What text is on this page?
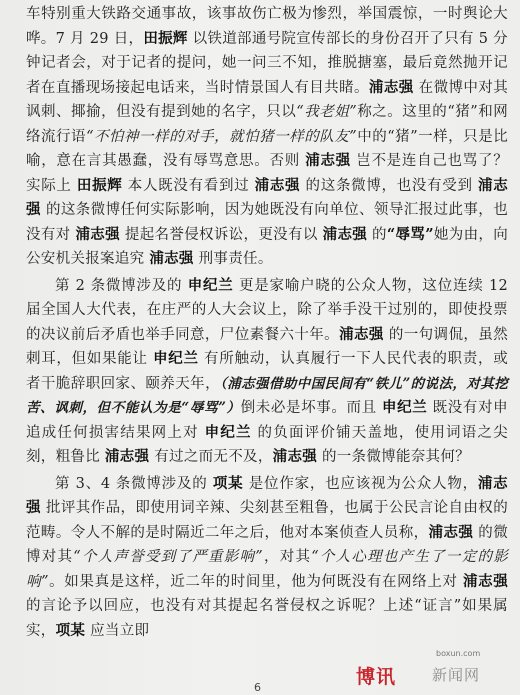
车特别重大铁路交通事故，该事故伤亡极为惨烈，举国震惊，一时舆论大哗。7 月 29 日，田振辉 以铁道部通号院宣传部长的身份召开了只有 5 分钟记者会，对于记者的提问，她一问三不知，推脱搪塞，最后竟然抛开记者在直播现场接起电话来，当时情景国人有目共睹。浦志强 在微博中对其讽刺、揶揄，但没有提到她的名字，只以“我老姐”称之。这里的“猪”和网络流行语“不怕神一样的对手，就怕猪一样的队友”中的“猪”一样，只是比喻，意在言其愚蠢，没有辱骂意思。否则 浦志强 岂不是连自己也骂了？实际上 田振辉 本人既没有看到过 浦志强 的这条微博，也没有受到 浦志强 的这条微博任何实际影响，因为她既没有向单位、领导汇报过此事，也没有对 浦志强 提起名誉侵权诉讼，更没有以 浦志强 的“辱骂”她为由，向公安机关报案追究 浦志强 刑事责任。

第 2 条微博涉及的 申纪兰 更是家喻户晓的公众人物，这位连续 12 届全国人大代表，在庄严的人大会议上，除了举手没干过别的，即使投票的决议前后矛盾也举手同意，尸位素餐六十年。浦志强 的一句调侃，虽然刺耳，但如果能让 申纪兰 有所触动，认真履行一下人民代表的职责，或者干脆辞职回家、颐养天年，（浦志强借助中国民间有“铁儿”的说法，对其挖苦、讽刺，但不能认为是“辱骂”）倒未必是坏事。而且 申纪兰 既没有对申追成任何损害结果网上对 申纪兰 的负面评价铺天盖地，使用词语之尖刻，粗鲁比 浦志强 有过之而无不及，浦志强 的一条微博能奈其何？

第 3、4 条微博涉及的 项某 是位作家，也应该视为公众人物，浦志强 批评其作品，即使用词辛辣、尖刻甚至粗鲁，也属于公民言论自由权的范畴。令人不解的是时隔近二年之后，他对本案侦查人员称，浦志强 的微博对其“个人声誉受到了严重影响”，对其“个人心理也产生了一定的影响”。如果真是这样，近二年的时间里，他为何既没有在网络上对 浦志强 的言论予以回应，也没有对其提起名誉侵权之诉呢？上述“证言”如果属实，项某 应当立即

boxun.com
博讯 新闻网
6
